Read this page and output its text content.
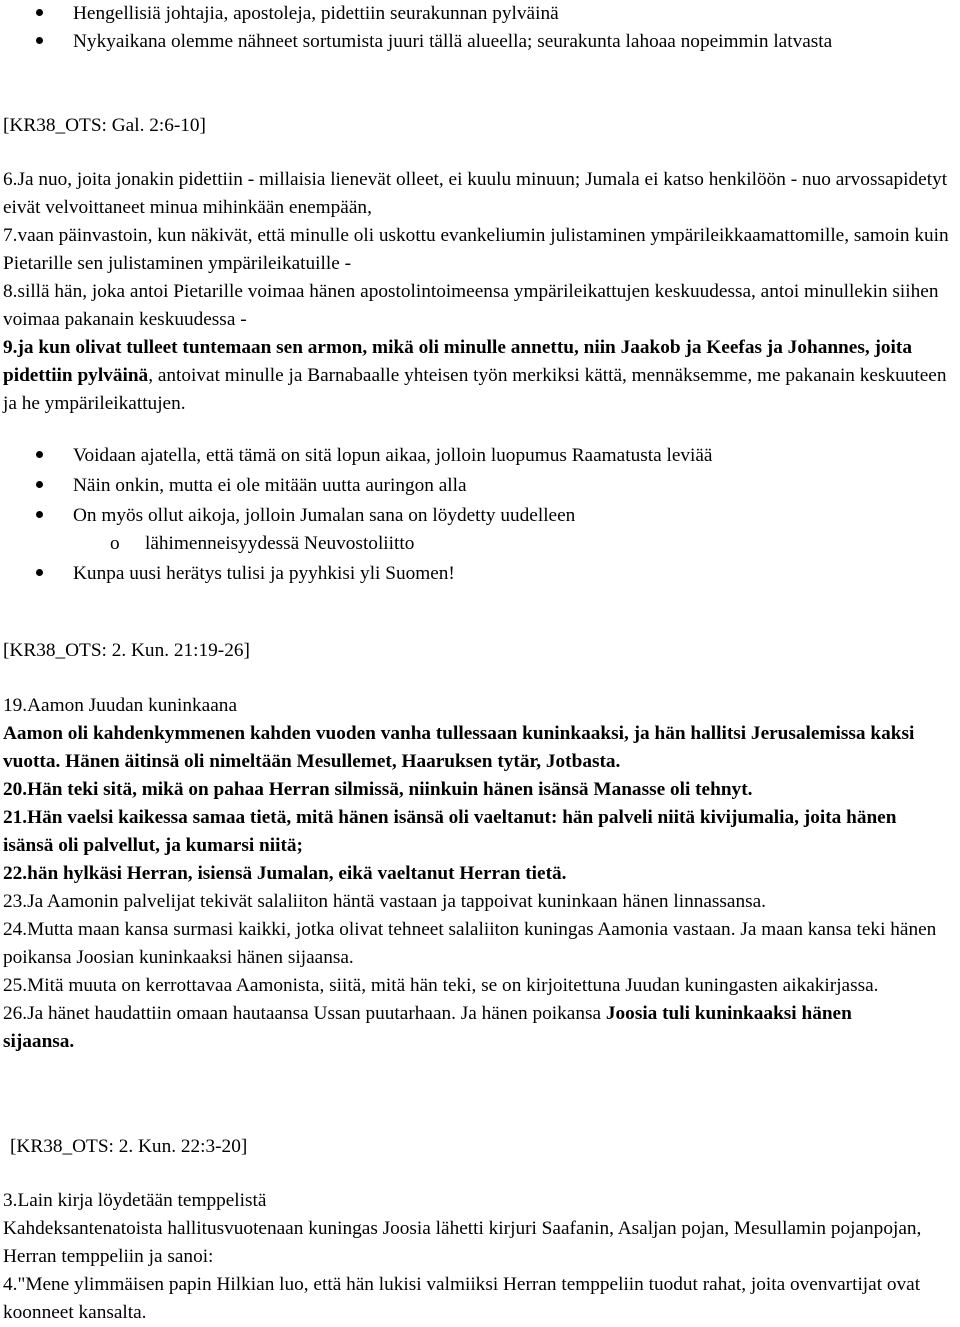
Hengellisiä johtajia, apostoleja, pidettiin seurakunnan pylväinä
Nykyaikana olemme nähneet sortumista juuri tällä alueella; seurakunta lahoaa nopeimmin latvasta

[KR38_OTS: Gal. 2:6-10]

6.Ja nuo, joita jonakin pidettiin - millaisia lienevät olleet, ei kuulu minuun; Jumala ei katso henkilöön - nuo arvossapidetyt eivät velvoittaneet minua mihinkään enempään,

7.vaan päinvastoin, kun näkivät, että minulle oli uskottu evankeliumin julistaminen ympärileikkaamattomille, samoin kuin Pietarille sen julistaminen ympärileikatuille -

8.sillä hän, joka antoi Pietarille voimaa hänen apostolintoimeensa ympärileikattujen keskuudessa, antoi minullekin siihen voimaa pakanain keskuudessa -

9.ja kun olivat tulleet tuntemaan sen armon, mikä oli minulle annettu, niin Jaakob ja Keefas ja Johannes, joita pidettiin pylväinä, antoivat minulle ja Barnabaalle yhteisen työn merkiksi kättä, mennäksemme, me pakanain keskuuteen ja he ympärileikattujen.

Voidaan ajatella, että tämä on sitä lopun aikaa, jolloin luopumus Raamatusta leviää
Näin onkin, mutta ei ole mitään uutta auringon alla
On myös ollut aikoja, jolloin Jumalan sana on löydetty uudelleen
o lähimenneisyydessä Neuvostoliitto
Kunpa uusi herätys tulisi ja pyyhkisi yli Suomen!

[KR38_OTS: 2. Kun. 21:19-26]

19.Aamon Juudan kuninkaana

Aamon oli kahdenkymmenen kahden vuoden vanha tullessaan kuninkaaksi, ja hän hallitsi Jerusalemissa kaksi vuotta. Hänen äitinsä oli nimeltään Mesullemet, Haaruksen tytär, Jotbasta.

20.Hän teki sitä, mikä on pahaa Herran silmissä, niinkuin hänen isänsä Manasse oli tehnyt.

21.Hän vaelsi kaikessa samaa tietä, mitä hänen isänsä oli vaeltanut: hän palveli niitä kivijumalia, joita hänen isänsä oli palvellut, ja kumarsi niitä;

22.hän hylkäsi Herran, isiensä Jumalan, eikä vaeltanut Herran tietä.

23.Ja Aamonin palvelijat tekivät salaliiton häntä vastaan ja tappoivat kuninkaan hänen linnassansa.

24.Mutta maan kansa surmasi kaikki, jotka olivat tehneet salaliiton kuningas Aamonia vastaan. Ja maan kansa teki hänen poikansa Joosian kuninkaaksi hänen sijaansa.

25.Mitä muuta on kerrottavaa Aamonista, siitä, mitä hän teki, se on kirjoitettuna Juudan kuningasten aikakirjassa.

26.Ja hänet haudattiin omaan hautaansa Ussan puutarhaan. Ja hänen poikansa Joosia tuli kuninkaaksi hänen sijaansa.

[KR38_OTS: 2. Kun. 22:3-20]

3.Lain kirja löydetään temppelistä

Kahdeksantenatoista hallitusvuotenaan kuningas Joosia lähetti kirjuri Saafanin, Asaljan pojan, Mesullamin pojanpojan, Herran temppeliin ja sanoi:

4."Mene ylimmäisen papin Hilkian luo, että hän lukisi valmiiksi Herran temppeliin tuodut rahat, joita ovenvartijat ovat koonneet kansalta.
